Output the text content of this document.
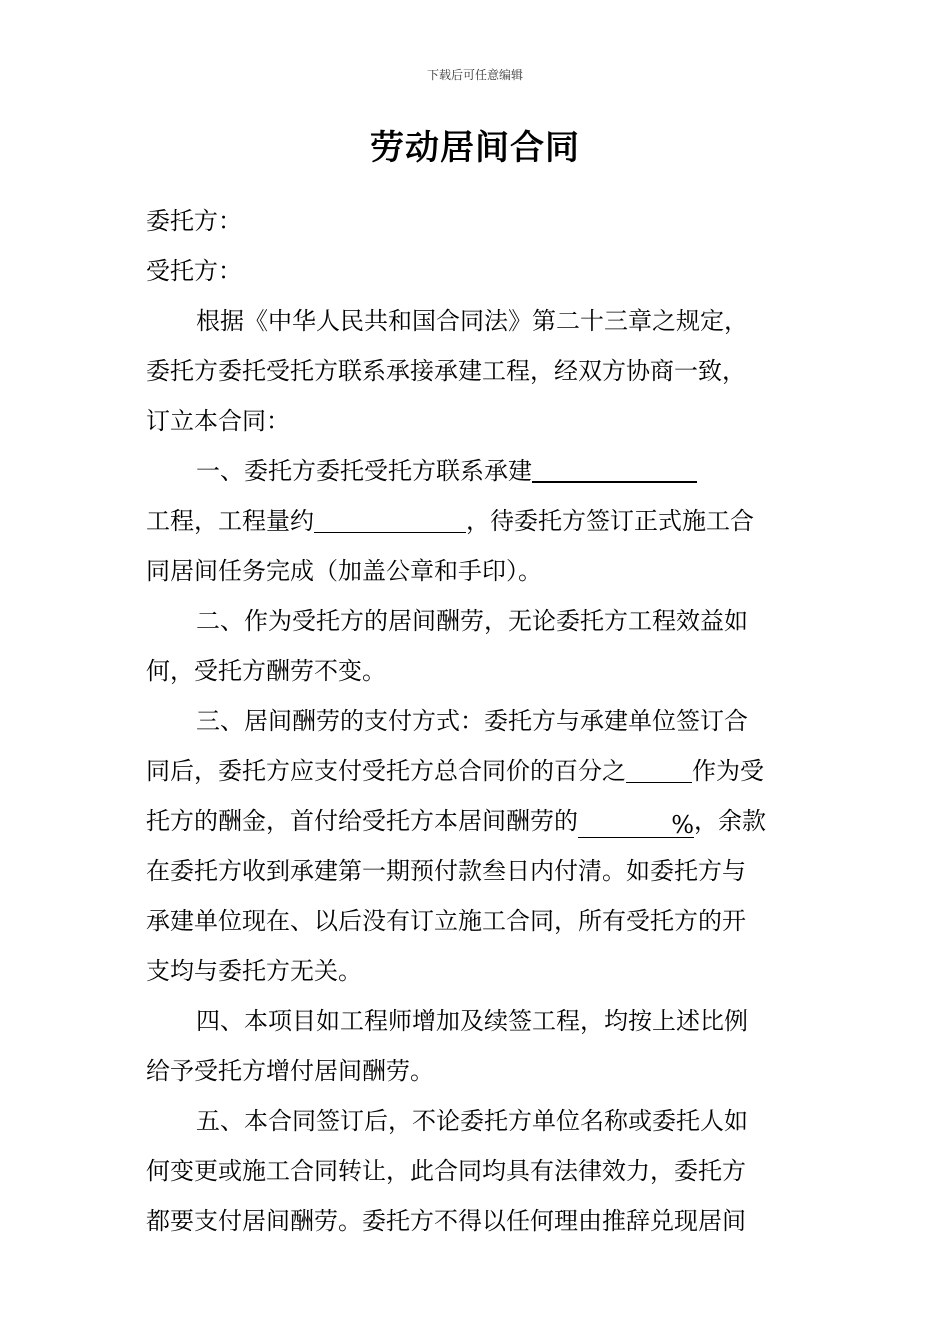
下载后可任意编辑
劳动居间合同
委托方：
受托方：
根据《中华人民共和国合同法》第二十三章之规定，
委托方委托受托方联系承接承建工程，经双方协商一致，
订立本合同：
一、委托方委托受托方联系承建
工程，工程量约	，待委托方签订正式施工合
同居间任务完成（加盖公章和手印）。
二、作为受托方的居间酬劳，无论委托方工程效益如
何，受托方酬劳不变。
三、居间酬劳的支付方式：委托方与承建单位签订合
同后，委托方应支付受托方总合同价的百分之	作为受
托方的酬金，首付给受托方本居间酬劳的	%，余款
在委托方收到承建第一期预付款叁日内付清。如委托方与
承建单位现在、以后没有订立施工合同，所有受托方的开
支均与委托方无关。
四、本项目如工程师增加及续签工程，均按上述比例
给予受托方增付居间酬劳。
五、本合同签订后，不论委托方单位名称或委托人如
何变更或施工合同转让，此合同均具有法律效力，委托方
都要支付居间酬劳。委托方不得以任何理由推辞兑现居间
